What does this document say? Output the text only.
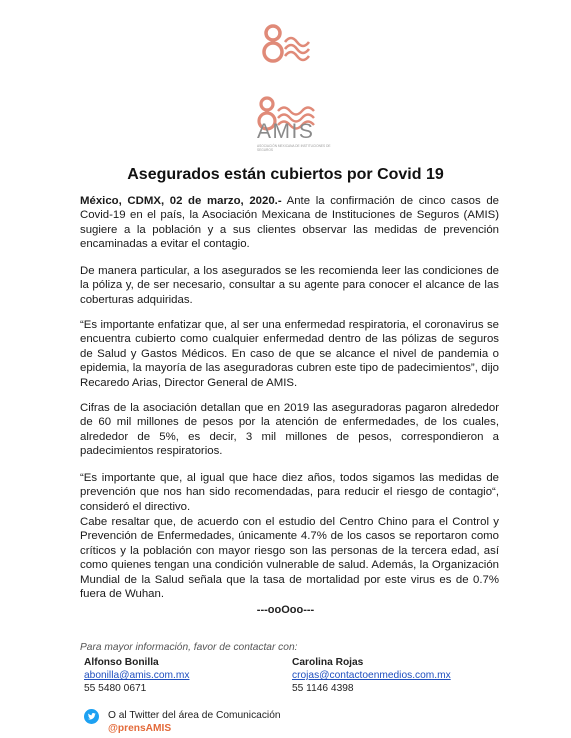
AMIS
ASOCIACIÓN MEXICANA DE INSTITUCIONES DE SEGUROS
Asegurados están cubiertos por Covid 19

México, CDMX, 02 de marzo, 2020.- Ante la confirmación de cinco casos de Covid-19 en el país, la Asociación Mexicana de Instituciones de Seguros (AMIS) sugiere a la población y a sus clientes observar las medidas de prevención encaminadas a evitar el contagio.

De manera particular, a los asegurados se les recomienda leer las condiciones de la póliza y, de ser necesario, consultar a su agente para conocer el alcance de las coberturas adquiridas.

“Es importante enfatizar que, al ser una enfermedad respiratoria, el coronavirus se encuentra cubierto como cualquier enfermedad dentro de las pólizas de seguros de Salud y Gastos Médicos. En caso de que se alcance el nivel de pandemia o epidemia, la mayoría de las aseguradoras cubren este tipo de padecimientos”, dijo Recaredo Arias, Director General de AMIS.

Cifras de la asociación detallan que en 2019 las aseguradoras pagaron alrededor de 60 mil millones de pesos por la atención de enfermedades, de los cuales, alrededor de 5%, es decir, 3 mil millones de pesos, correspondieron a padecimientos respiratorios.

“Es importante que, al igual que hace diez años, todos sigamos las medidas de prevención que nos han sido recomendadas, para reducir el riesgo de contagio“, consideró el directivo.

Cabe resaltar que, de acuerdo con el estudio del Centro Chino para el Control y Prevención de Enfermedades, únicamente 4.7% de los casos se reportaron como críticos y la población con mayor riesgo son las personas de la tercera edad, así como quienes tengan una condición vulnerable de salud. Además, la Organización Mundial de la Salud señala que la tasa de mortalidad por este virus es de 0.7% fuera de Wuhan.

---ooOoo---
Para mayor información, favor de contactar con:
Alfonso Bonilla
abonilla@amis.com.mx
55 5480 0671
Carolina Rojas
crojas@contactoenmedios.com.mx
55 1146 4398
O al Twitter del área de Comunicación
@prensAMIS
